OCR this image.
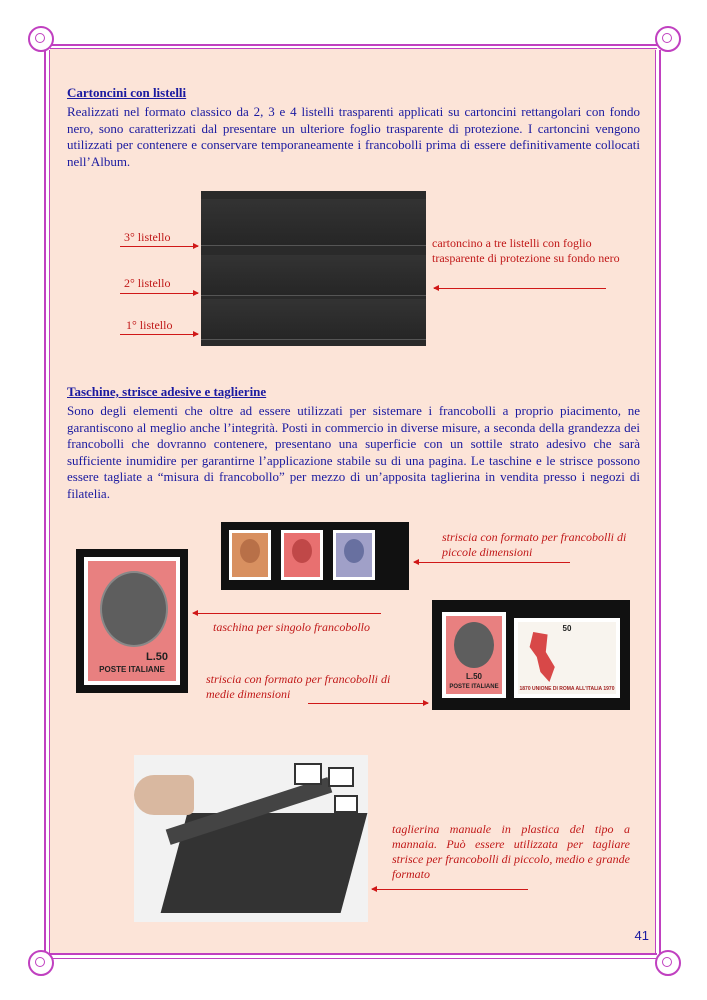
Cartoncini con listelli

Realizzati nel formato classico da 2, 3 e 4 listelli trasparenti applicati su cartoncini rettangolari con fondo nero, sono caratterizzati dal presentare un ulteriore foglio trasparente di protezione. I cartoncini vengono utilizzati per contenere e conservare temporaneamente i francobolli prima di essere definitivamente collocati nell’Album.

3° listello
2° listello
1° listello
cartoncino a tre listelli con foglio trasparente di protezione su fondo nero
Taschine, strisce adesive e taglierine

Sono degli elementi che oltre ad essere utilizzati per sistemare i francobolli a proprio piacimento, ne garantiscono al meglio anche l’integrità. Posti in commercio in diverse misure, a seconda della grandezza dei francobolli che dovranno contenere, presentano una superficie con un sottile strato adesivo che sarà sufficiente inumidire per garantirne l’applicazione stabile su di una pagina. Le taschine e le strisce possono essere tagliate a “misura di francobollo” per mezzo di un’apposita taglierina in vendita presso i negozi di filatelia.

striscia con formato per francobolli di piccole dimensioni
L.50
POSTE ITALIANE
taschina per singolo francobollo
L.50
POSTE ITALIANE
50
1870 UNIONE DI ROMA ALL'ITALIA 1970
striscia con formato per francobolli di medie dimensioni
taglierina manuale in plastica del tipo a mannaia. Può essere utilizzata per tagliare strisce per francobolli di piccolo, medio e grande formato
41
